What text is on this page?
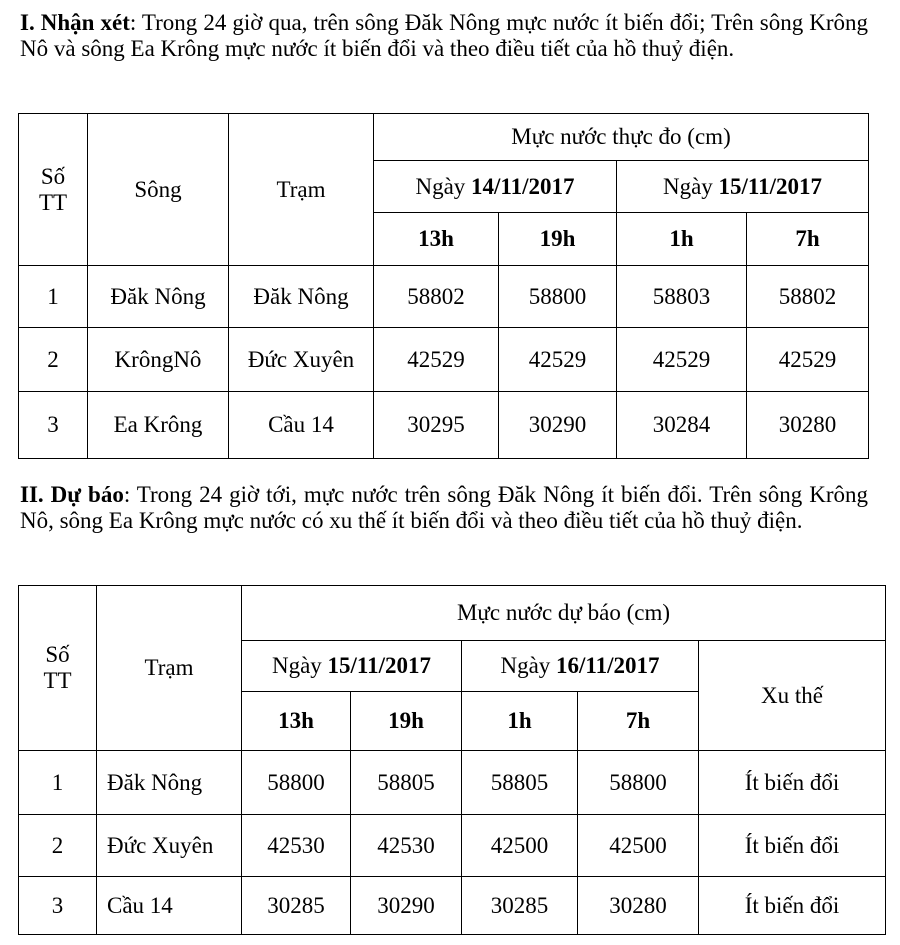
I. Nhận xét: Trong 24 giờ qua, trên sông Đăk Nông mực nước ít biến đổi; Trên sông Krông Nô và sông Ea Krông mực nước ít biến đổi và theo điều tiết của hồ thuỷ điện.
Số TT	Sông	Trạm	Mực nước thực đo (cm)			
			Ngày 14/11/2017		Ngày 15/11/2017	
			13h	19h	1h	7h
1	Đăk Nông	Đăk Nông	58802	58800	58803	58802
2	KrôngNô	Đức Xuyên	42529	42529	42529	42529
3	Ea Krông	Cầu 14	30295	30290	30284	30280
II. Dự báo: Trong 24 giờ tới, mực nước trên sông Đăk Nông ít biến đổi. Trên sông Krông Nô, sông Ea Krông mực nước có xu thế ít biến đổi và theo điều tiết của hồ thuỷ điện.
Số TT	Trạm	Mực nước dự báo (cm)				
		Ngày 15/11/2017		Ngày 16/11/2017		Xu thế
		13h	19h	1h	7h	
1	Đăk Nông	58800	58805	58805	58800	Ít biến đổi
2	Đức Xuyên	42530	42530	42500	42500	Ít biến đổi
3	Cầu 14	30285	30290	30285	30280	Ít biến đổi
